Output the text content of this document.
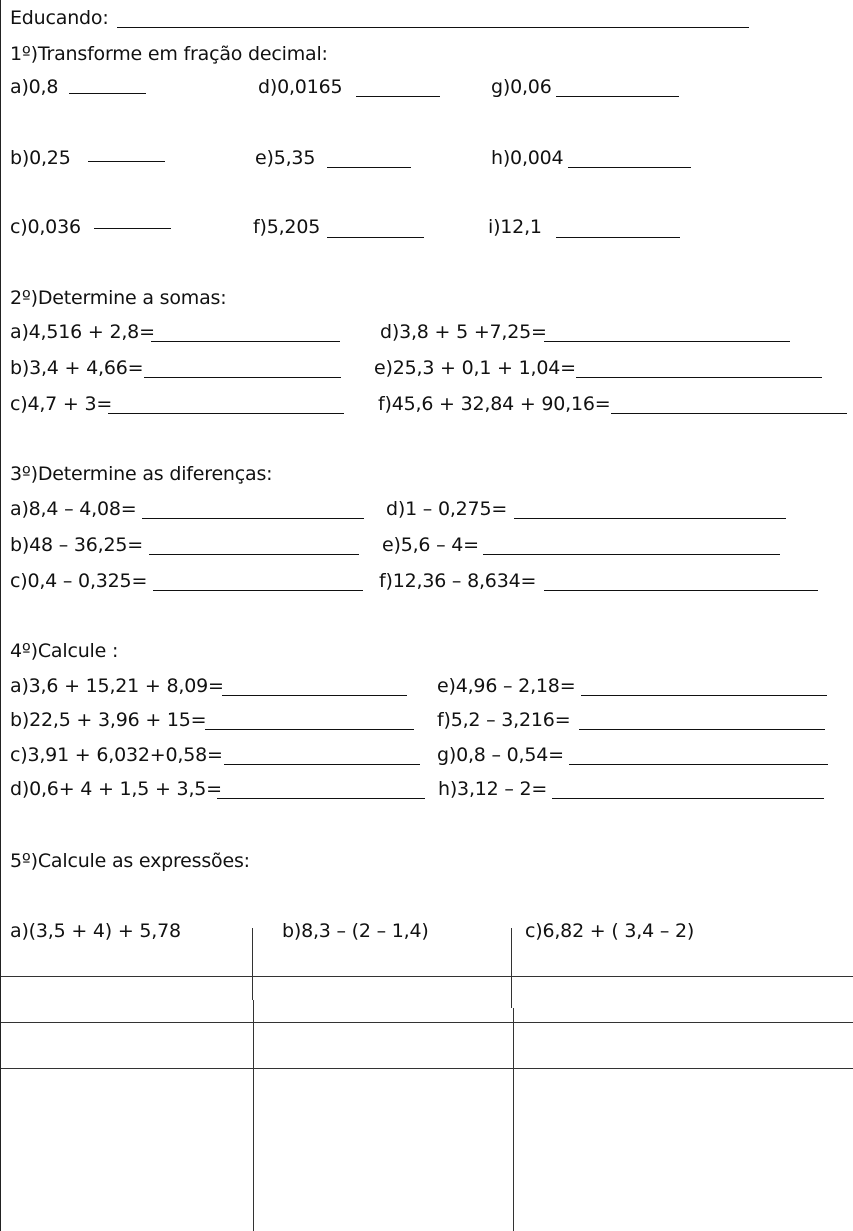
Educando:
1º)Transforme em fração decimal:
a)0,8	d)0,0165	g)0,06
b)0,25	e)5,35	h)0,004
c)0,036	f)5,205	i)12,1
2º)Determine a somas:
a)4,516 + 2,8=	d)3,8 + 5 +7,25=
b)3,4 + 4,66=	e)25,3 + 0,1 + 1,04=
c)4,7 + 3=	f)45,6 + 32,84 + 90,16=
3º)Determine as diferenças:
a)8,4 – 4,08=	d)1 – 0,275=
b)48 – 36,25=	e)5,6 – 4=
c)0,4 – 0,325=	f)12,36 – 8,634=
4º)Calcule :
a)3,6 + 15,21 + 8,09=	e)4,96 – 2,18=
b)22,5 + 3,96 + 15=	f)5,2 – 3,216=
c)3,91 + 6,032+0,58=	g)0,8 – 0,54=
d)0,6+ 4 + 1,5 + 3,5=	h)3,12 – 2=
5º)Calcule as expressões:
a)(3,5 + 4) + 5,78	b)8,3 – (2 – 1,4)	c)6,82 + ( 3,4 – 2)
